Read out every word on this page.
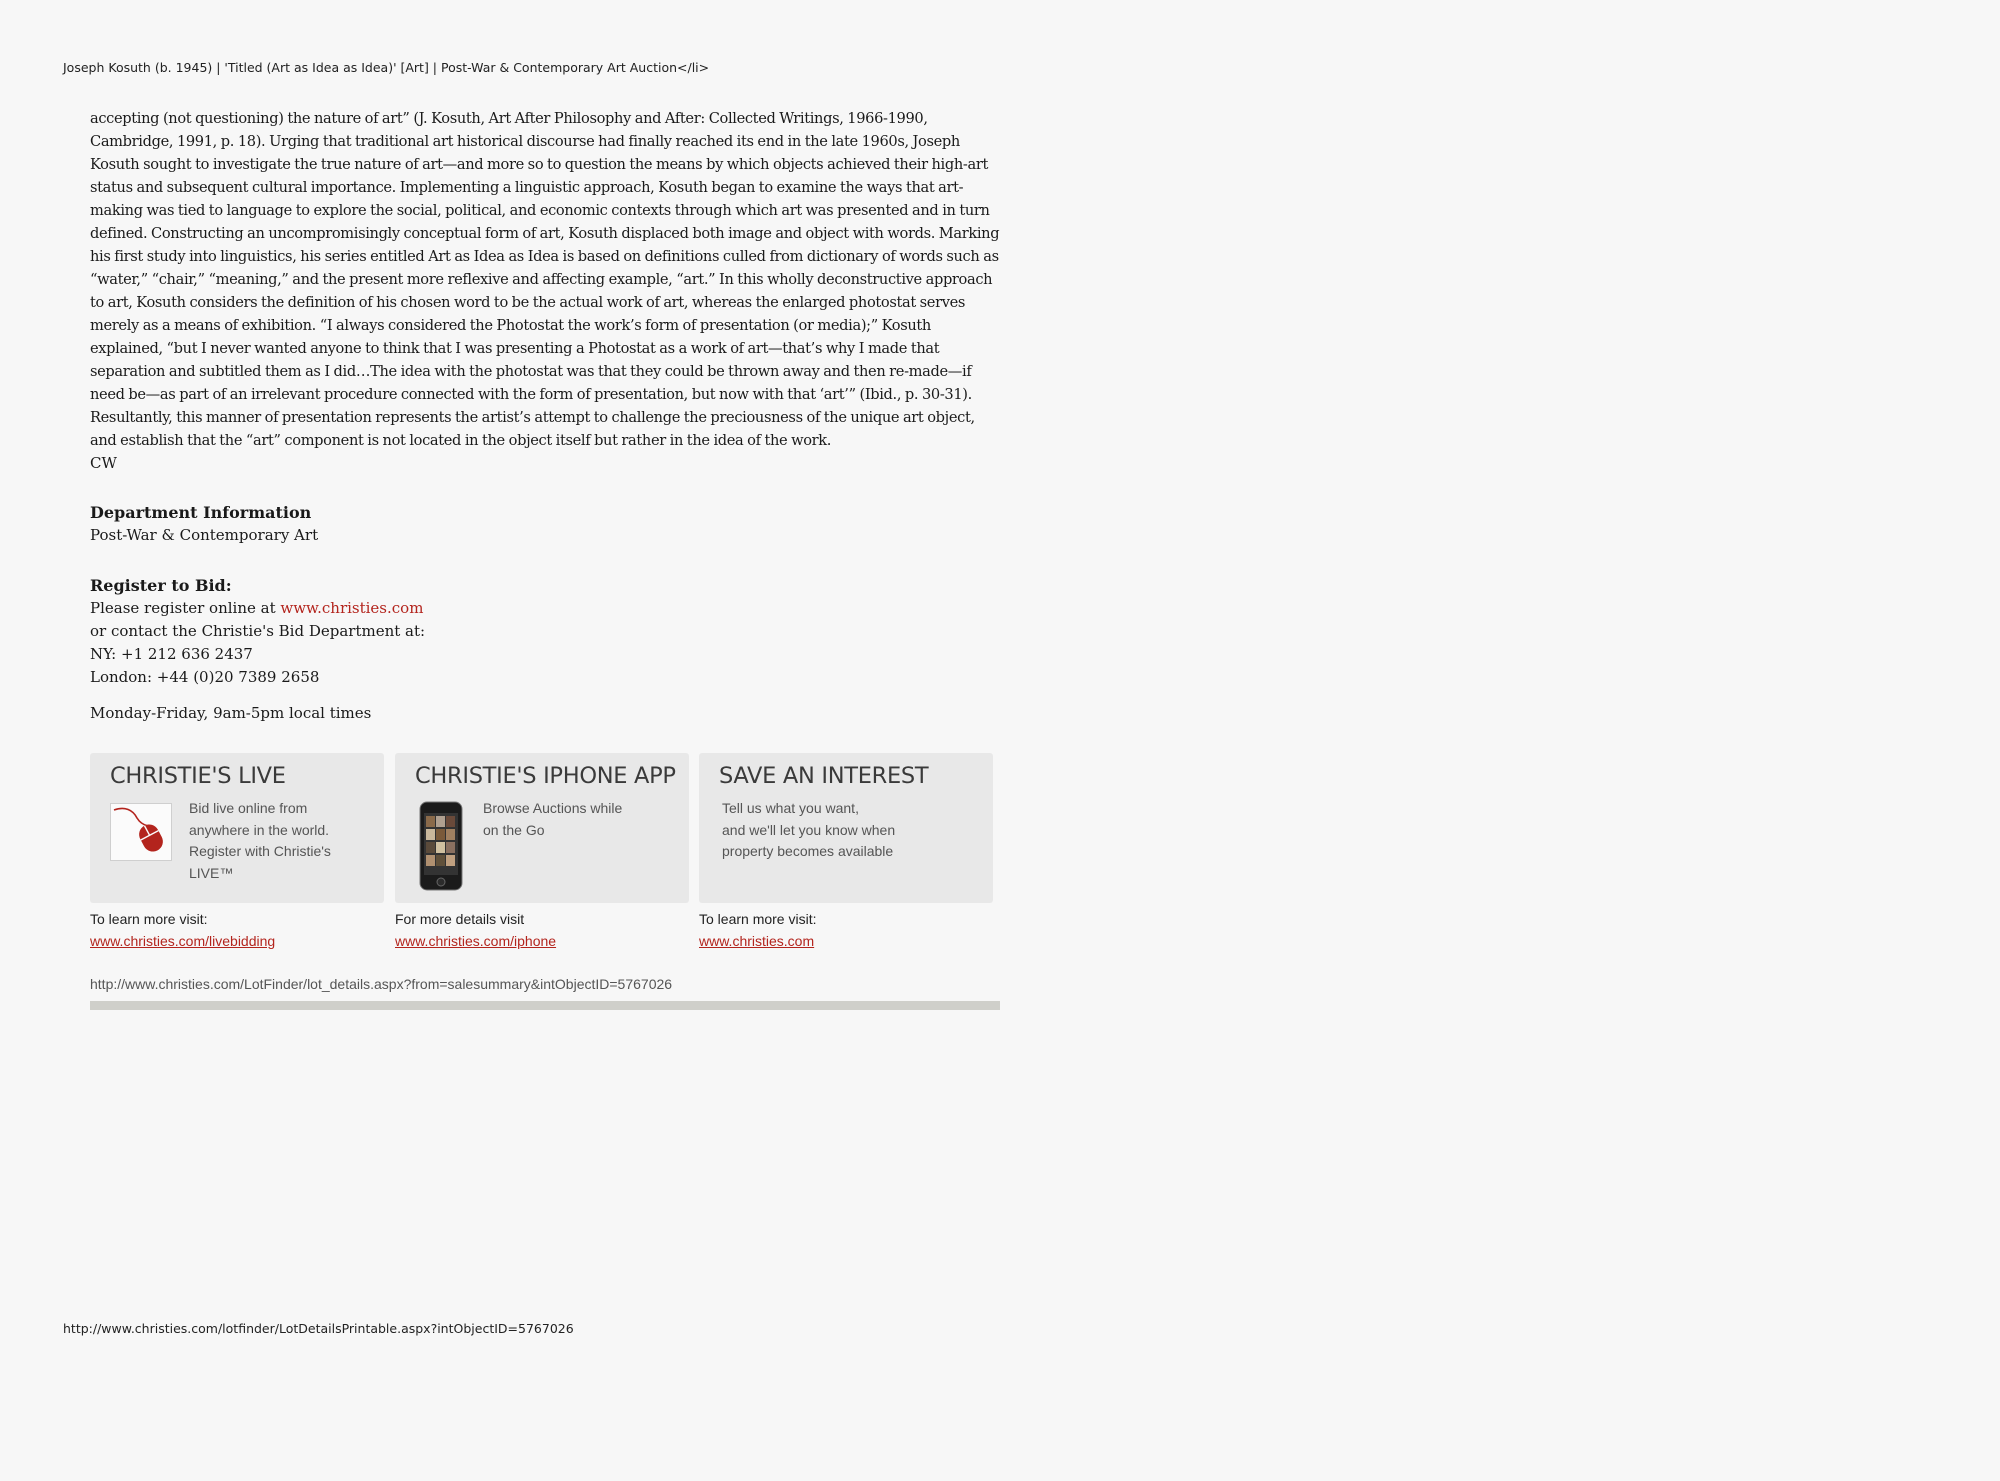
Joseph Kosuth (b. 1945) | 'Titled (Art as Idea as Idea)' [Art] | Post-War & Contemporary Art Auction</li>

accepting (not questioning) the nature of art” (J. Kosuth, Art After Philosophy and After: Collected Writings, 1966-1990, Cambridge, 1991, p. 18). Urging that traditional art historical discourse had finally reached its end in the late 1960s, Joseph Kosuth sought to investigate the true nature of art—and more so to question the means by which objects achieved their high-art status and subsequent cultural importance. Implementing a linguistic approach, Kosuth began to examine the ways that art-making was tied to language to explore the social, political, and economic contexts through which art was presented and in turn defined. Constructing an uncompromisingly conceptual form of art, Kosuth displaced both image and object with words. Marking his first study into linguistics, his series entitled Art as Idea as Idea is based on definitions culled from dictionary of words such as “water,” “chair,” “meaning,” and the present more reflexive and affecting example, “art.” In this wholly deconstructive approach to art, Kosuth considers the definition of his chosen word to be the actual work of art, whereas the enlarged photostat serves merely as a means of exhibition. “I always considered the Photostat the work’s form of presentation (or media);” Kosuth explained, “but I never wanted anyone to think that I was presenting a Photostat as a work of art—that’s why I made that separation and subtitled them as I did…The idea with the photostat was that they could be thrown away and then re-made—if need be—as part of an irrelevant procedure connected with the form of presentation, but now with that ‘art’” (Ibid., p. 30-31). Resultantly, this manner of presentation represents the artist’s attempt to challenge the preciousness of the unique art object, and establish that the “art” component is not located in the object itself but rather in the idea of the work.

CW

Department Information

Post-War & Contemporary Art

Register to Bid:

Please register online at www.christies.com

or contact the Christie's Bid Department at:

NY: +1 212 636 2437

London: +44 (0)20 7389 2658

Monday-Friday, 9am-5pm local times

CHRISTIE'S LIVE
Bid live online from
anywhere in the world.
Register with Christie's
LIVE™
To learn more visit:
www.christies.com/livebidding
CHRISTIE'S IPHONE APP
Browse Auctions while
on the Go
For more details visit
www.christies.com/iphone
SAVE AN INTEREST
Tell us what you want,
and we'll let you know when
property becomes available
To learn more visit:
www.christies.com
http://www.christies.com/LotFinder/lot_details.aspx?from=salesummary&intObjectID=5767026
http://www.christies.com/lotfinder/LotDetailsPrintable.aspx?intObjectID=5767026
